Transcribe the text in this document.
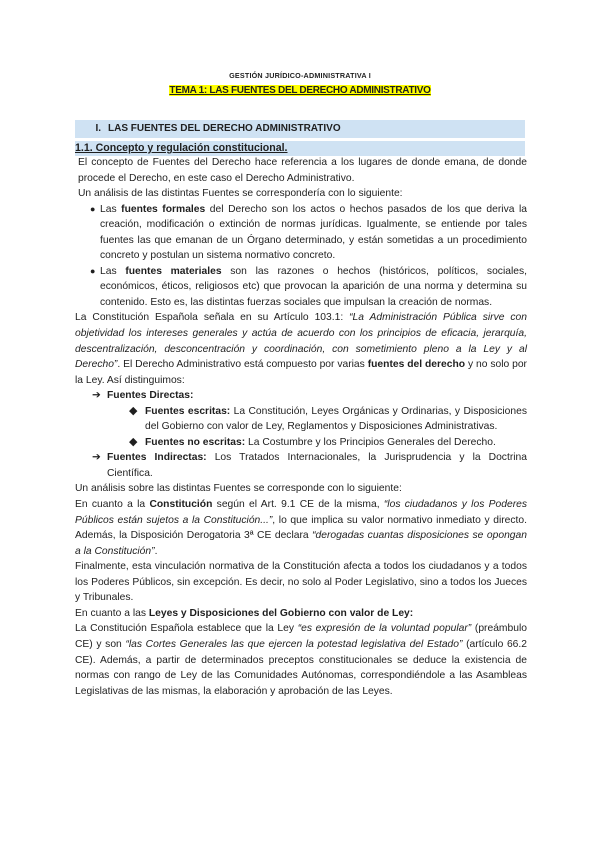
GESTIÓN JURÍDICO-ADMINISTRATIVA I
TEMA 1: LAS FUENTES DEL DERECHO ADMINISTRATIVO
I. LAS FUENTES DEL DERECHO ADMINISTRATIVO
1.1. Concepto y regulación constitucional.

El concepto de Fuentes del Derecho hace referencia a los lugares de donde emana, de donde procede el Derecho, en este caso el Derecho Administrativo.

Un análisis de las distintas Fuentes se correspondería con lo siguiente:

● Las fuentes formales del Derecho son los actos o hechos pasados de los que deriva la creación, modificación o extinción de normas jurídicas. Igualmente, se entiende por tales fuentes las que emanan de un Órgano determinado, y están sometidas a un procedimiento concreto y postulan un sistema normativo concreto.
● Las fuentes materiales son las razones o hechos (históricos, políticos, sociales, económicos, éticos, religiosos etc) que provocan la aparición de una norma y determina su contenido. Esto es, las distintas fuerzas sociales que impulsan la creación de normas.

La Constitución Española señala en su Artículo 103.1: “La Administración Pública sirve con objetividad los intereses generales y actúa de acuerdo con los principios de eficacia, jerarquía, descentralización, desconcentración y coordinación, con sometimiento pleno a la Ley y al Derecho”. El Derecho Administrativo está compuesto por varias fuentes del derecho y no solo por la Ley. Así distinguimos:

➔ Fuentes Directas:
◆ Fuentes escritas: La Constitución, Leyes Orgánicas y Ordinarias, y Disposiciones del Gobierno con valor de Ley, Reglamentos y Disposiciones Administrativas.
◆ Fuentes no escritas: La Costumbre y los Principios Generales del Derecho.
➔ Fuentes Indirectas: Los Tratados Internacionales, la Jurisprudencia y la Doctrina Científica.

Un análisis sobre las distintas Fuentes se corresponde con lo siguiente:

En cuanto a la Constitución según el Art. 9.1 CE de la misma, “los ciudadanos y los Poderes Públicos están sujetos a la Constitución...”, lo que implica su valor normativo inmediato y directo. Además, la Disposición Derogatoria 3ª CE declara “derogadas cuantas disposiciones se opongan a la Constitución”.

Finalmente, esta vinculación normativa de la Constitución afecta a todos los ciudadanos y a todos los Poderes Públicos, sin excepción. Es decir, no solo al Poder Legislativo, sino a todos los Jueces y Tribunales.

En cuanto a las Leyes y Disposiciones del Gobierno con valor de Ley:

La Constitución Española establece que la Ley “es expresión de la voluntad popular” (preámbulo CE) y son “las Cortes Generales las que ejercen la potestad legislativa del Estado” (artículo 66.2 CE). Además, a partir de determinados preceptos constitucionales se deduce la existencia de normas con rango de Ley de las Comunidades Autónomas, correspondiéndole a las Asambleas Legislativas de las mismas, la elaboración y aprobación de las Leyes.
